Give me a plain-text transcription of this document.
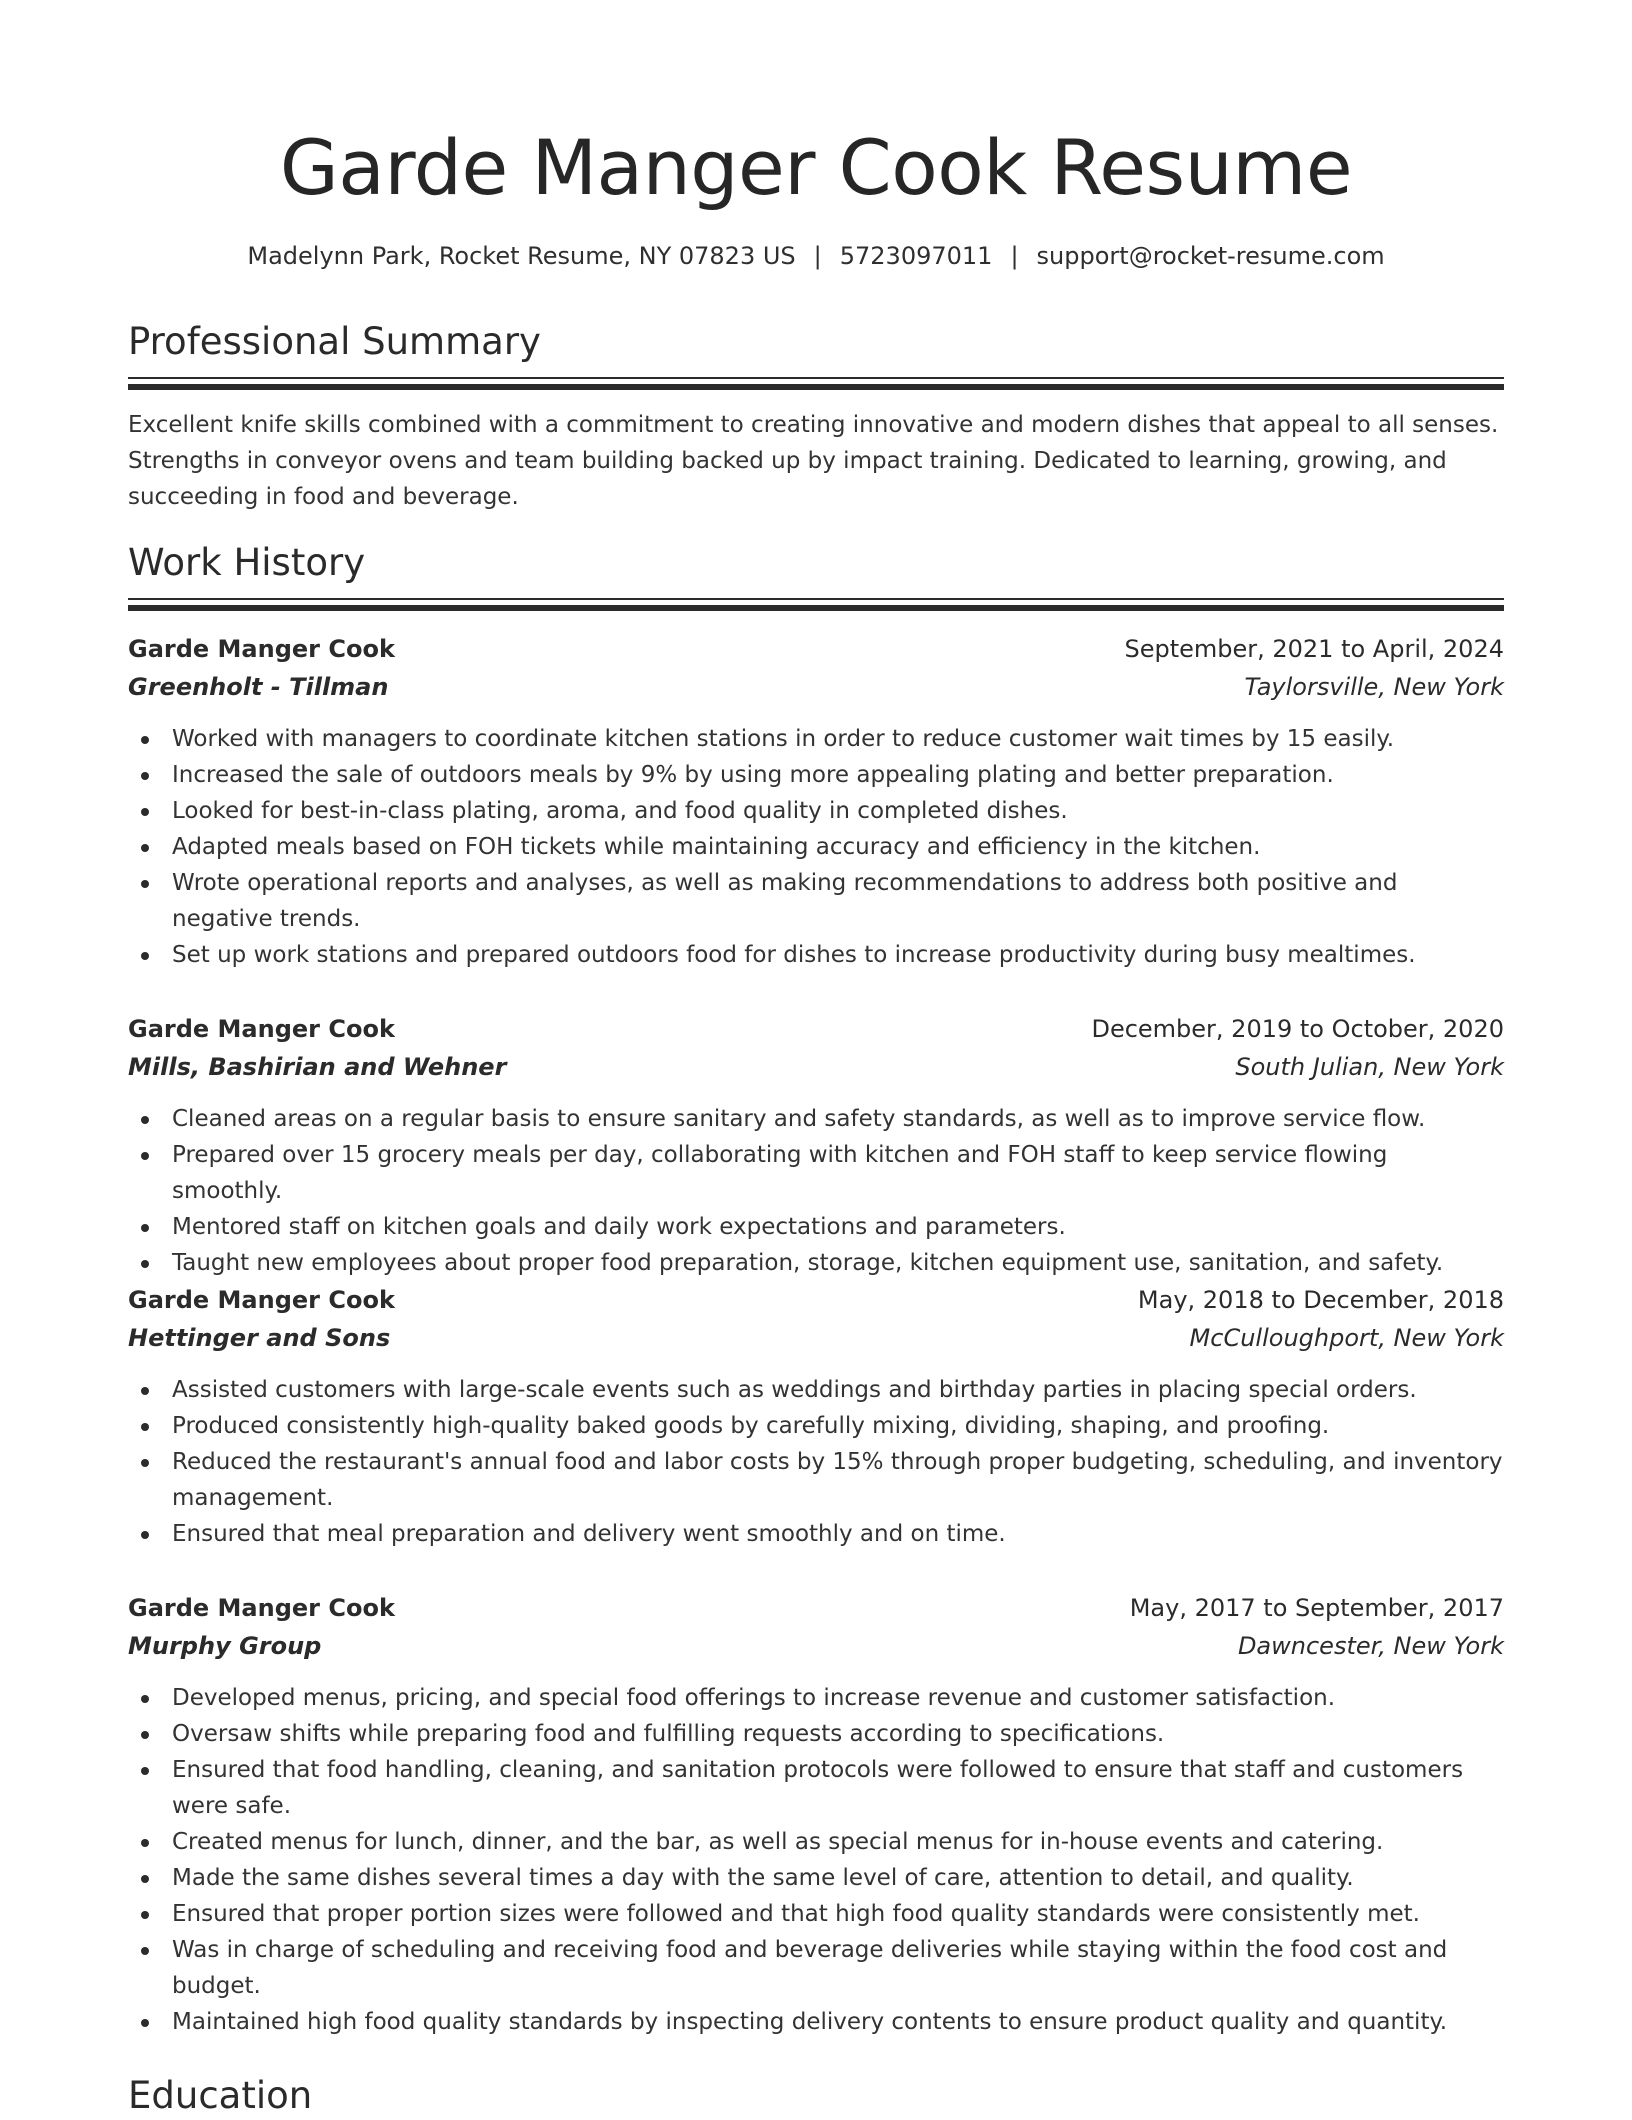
Garde Manger Cook Resume
Madelynn Park, Rocket Resume, NY 07823 US | 5723097011 | support@rocket-resume.com
Professional Summary

Excellent knife skills combined with a commitment to creating innovative and modern dishes that appeal to all senses. Strengths in conveyor ovens and team building backed up by impact training. Dedicated to learning, growing, and succeeding in food and beverage.

Work History
Garde Manger Cook	September, 2021 to April, 2024
Greenholt - Tillman	Taylorsville, New York
Worked with managers to coordinate kitchen stations in order to reduce customer wait times by 15 easily.
Increased the sale of outdoors meals by 9% by using more appealing plating and better preparation.
Looked for best-in-class plating, aroma, and food quality in completed dishes.
Adapted meals based on FOH tickets while maintaining accuracy and efficiency in the kitchen.
Wrote operational reports and analyses, as well as making recommendations to address both positive and negative trends.
Set up work stations and prepared outdoors food for dishes to increase productivity during busy mealtimes.
Garde Manger Cook	December, 2019 to October, 2020
Mills, Bashirian and Wehner	South Julian, New York
Cleaned areas on a regular basis to ensure sanitary and safety standards, as well as to improve service flow.
Prepared over 15 grocery meals per day, collaborating with kitchen and FOH staff to keep service flowing smoothly.
Mentored staff on kitchen goals and daily work expectations and parameters.
Taught new employees about proper food preparation, storage, kitchen equipment use, sanitation, and safety.
Garde Manger Cook	May, 2018 to December, 2018
Hettinger and Sons	McCulloughport, New York
Assisted customers with large-scale events such as weddings and birthday parties in placing special orders.
Produced consistently high-quality baked goods by carefully mixing, dividing, shaping, and proofing.
Reduced the restaurant's annual food and labor costs by 15% through proper budgeting, scheduling, and inventory management.
Ensured that meal preparation and delivery went smoothly and on time.
Garde Manger Cook	May, 2017 to September, 2017
Murphy Group	Dawncester, New York
Developed menus, pricing, and special food offerings to increase revenue and customer satisfaction.
Oversaw shifts while preparing food and fulfilling requests according to specifications.
Ensured that food handling, cleaning, and sanitation protocols were followed to ensure that staff and customers were safe.
Created menus for lunch, dinner, and the bar, as well as special menus for in-house events and catering.
Made the same dishes several times a day with the same level of care, attention to detail, and quality.
Ensured that proper portion sizes were followed and that high food quality standards were consistently met.
Was in charge of scheduling and receiving food and beverage deliveries while staying within the food cost and budget.
Maintained high food quality standards by inspecting delivery contents to ensure product quality and quantity.
Education
